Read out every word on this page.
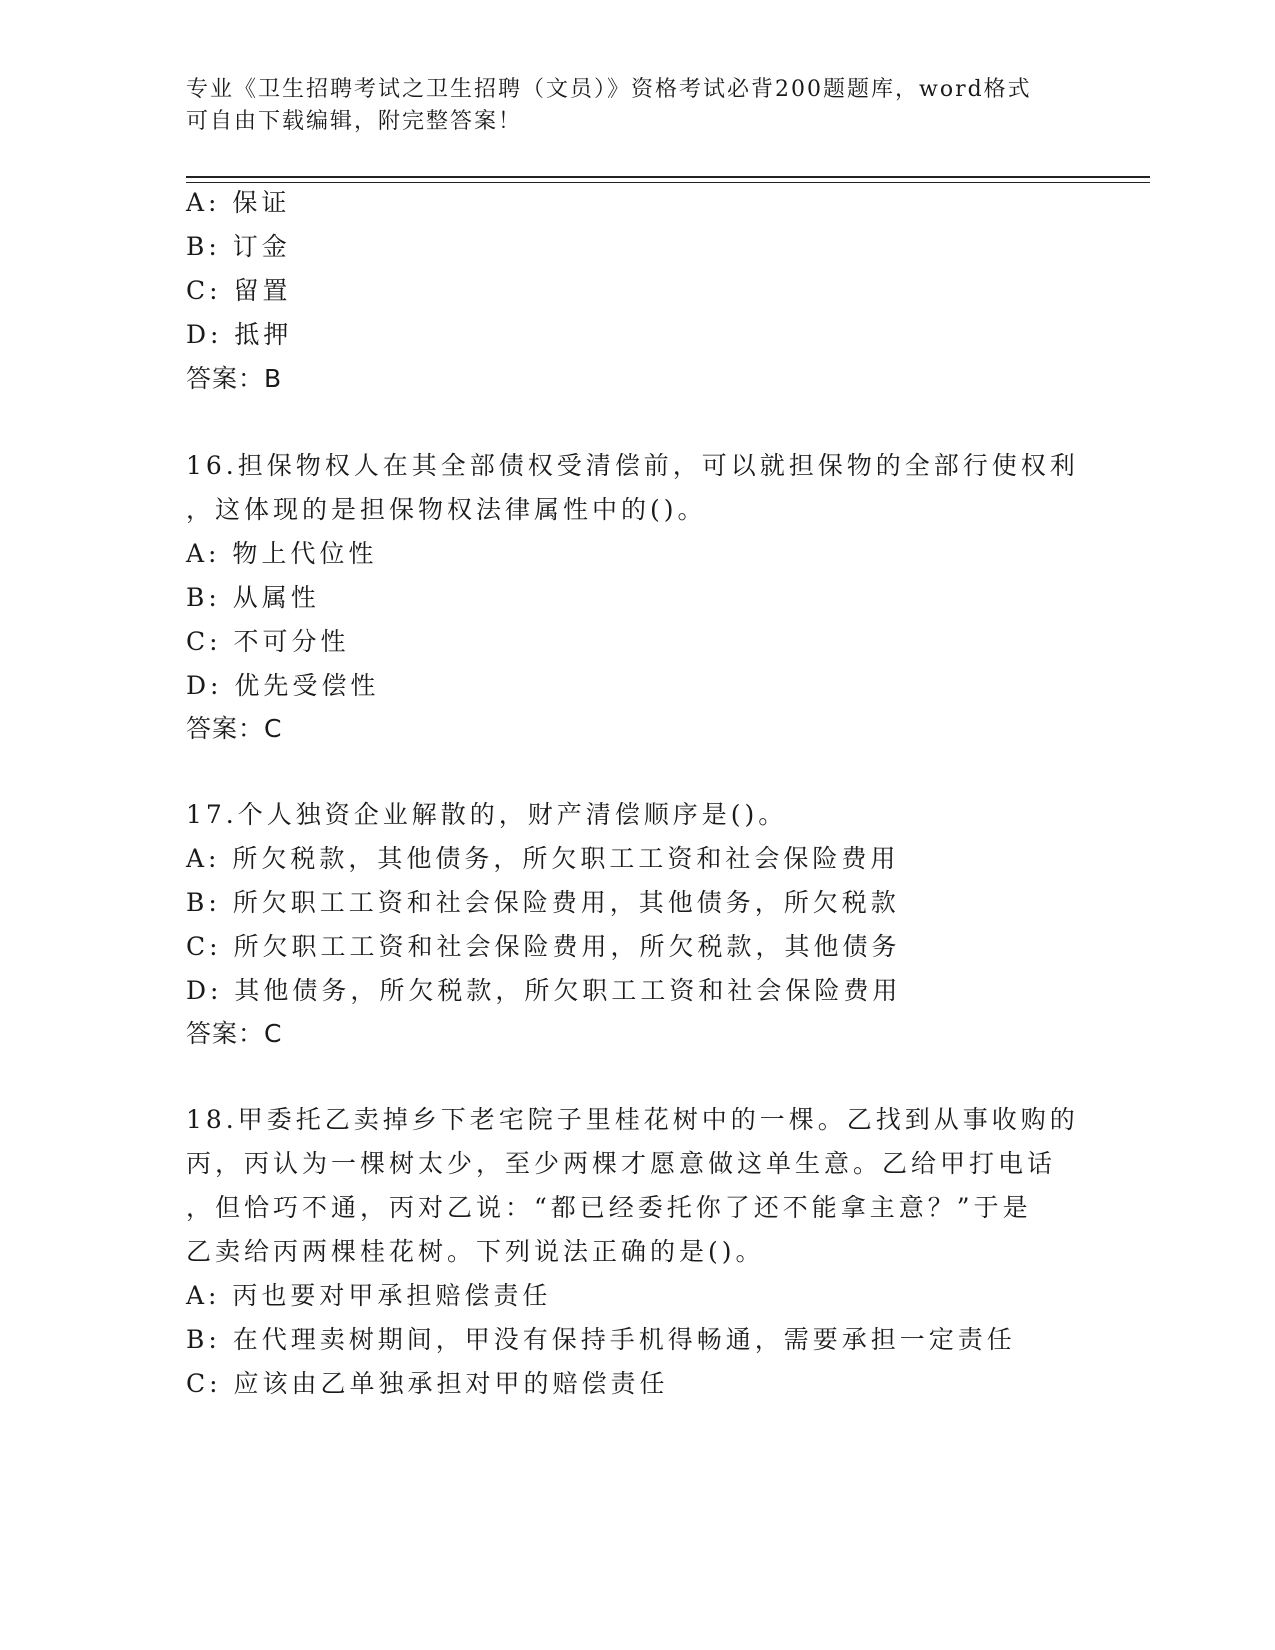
专业《卫生招聘考试之卫生招聘（文员）》资格考试必背200题题库，word格式
可自由下载编辑，附完整答案！
A: 保证
B: 订金
C: 留置
D: 抵押
答案：B
16.担保物权人在其全部债权受清偿前，可以就担保物的全部行使权利
，这体现的是担保物权法律属性中的()。
A: 物上代位性
B: 从属性
C: 不可分性
D: 优先受偿性
答案：C
17.个人独资企业解散的，财产清偿顺序是()。
A: 所欠税款，其他债务，所欠职工工资和社会保险费用
B: 所欠职工工资和社会保险费用，其他债务，所欠税款
C: 所欠职工工资和社会保险费用，所欠税款，其他债务
D: 其他债务，所欠税款，所欠职工工资和社会保险费用
答案：C
18.甲委托乙卖掉乡下老宅院子里桂花树中的一棵。乙找到从事收购的
丙，丙认为一棵树太少，至少两棵才愿意做这单生意。乙给甲打电话
，但恰巧不通，丙对乙说：“都已经委托你了还不能拿主意？”于是
乙卖给丙两棵桂花树。下列说法正确的是()。
A: 丙也要对甲承担赔偿责任
B: 在代理卖树期间，甲没有保持手机得畅通，需要承担一定责任
C: 应该由乙单独承担对甲的赔偿责任
